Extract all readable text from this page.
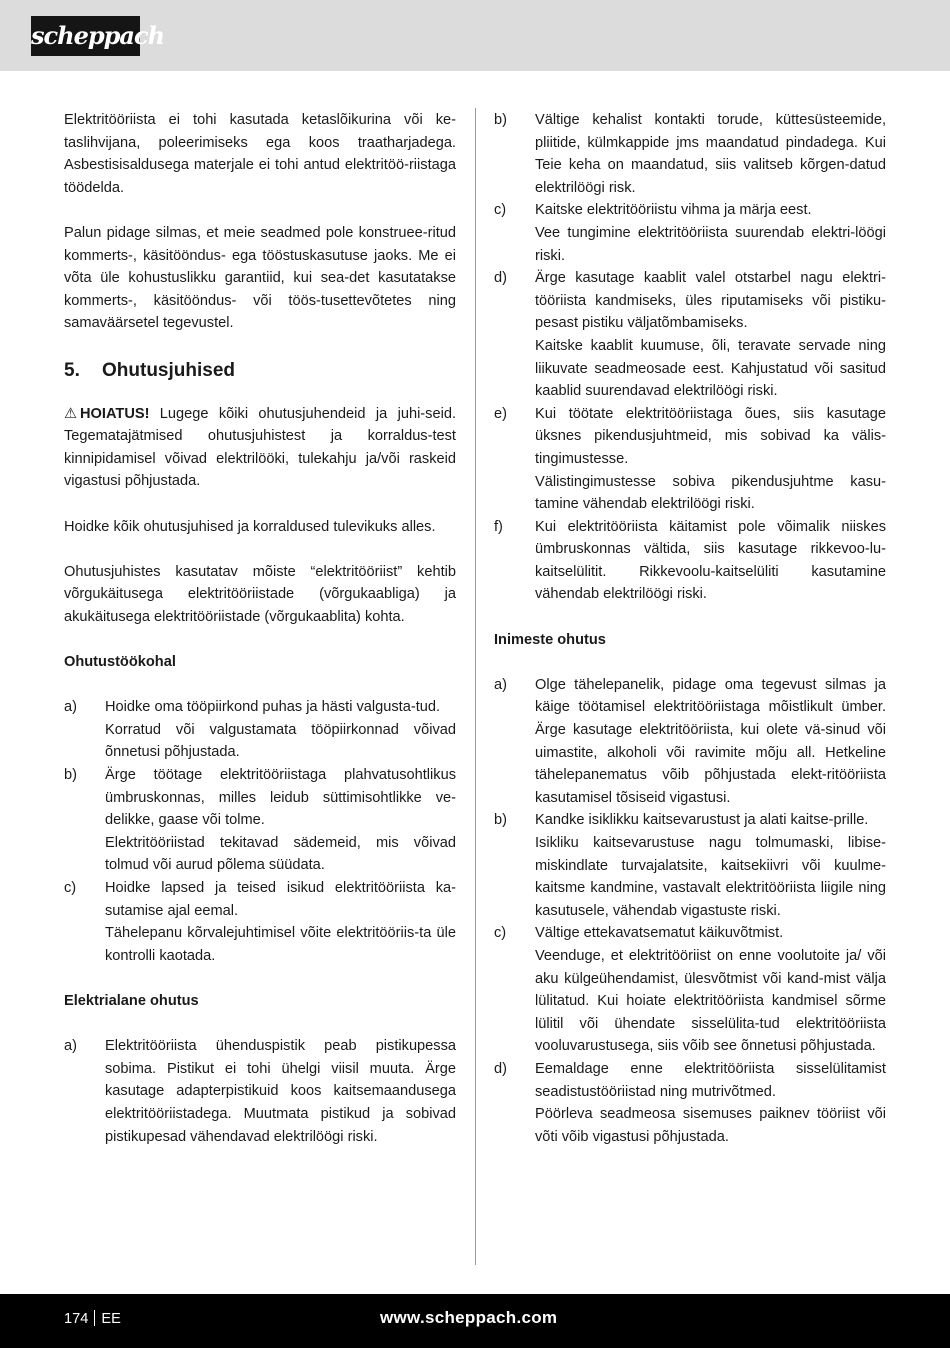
scheppach

Elektritööriista ei tohi kasutada ketaslõikurina või ke-taslihvijana, poleerimiseks ega koos traatharjadega. Asbestisisaldusega materjale ei tohi antud elektritöö-riistaga töödelda.

Palun pidage silmas, et meie seadmed pole konstruee-ritud kommerts-, käsitööndus- ega tööstuskasutuse jaoks. Me ei võta üle kohustuslikku garantiid, kui sea-det kasutatakse kommerts-, käsitööndus- või töös-tusettevõtetes ning samaväärsetel tegevustel.

5. Ohutusjuhised

⚠ HOIATUS! Lugege kõiki ohutusjuhendeid ja juhi-seid. Tegematajätmised ohutusjuhistest ja korraldus-test kinnipidamisel võivad elektrilööki, tulekahju ja/või raskeid vigastusi põhjustada.

Hoidke kõik ohutusjuhised ja korraldused tulevikuks alles.

Ohutusjuhistes kasutatav mõiste “elektritööriist” kehtib võrgukäitusega elektritööriistade (võrgukaabliga) ja akukäitusega elektritööriistade (võrgukaablita) kohta.

Ohutustöökohal
a)	Hoidke oma tööpiirkond puhas ja hästi valgusta-tud.

Korratud või valgustamata tööpiirkonnad võivad õnnetusi põhjustada.

b)	Ärge töötage elektritööriistaga plahvatusohtlikus ümbruskonnas, milles leidub süttimisohtlikke ve-delikke, gaase või tolme.

Elektritööriistad tekitavad sädemeid, mis võivad tolmud või aurud põlema süüdata.

c)	Hoidke lapsed ja teised isikud elektritööriista ka-sutamise ajal eemal.

Tähelepanu kõrvalejuhtimisel võite elektritööriis-ta üle kontrolli kaotada.

Elektrialane ohutus
a)	Elektritööriista ühenduspistik peab pistikupessa sobima. Pistikut ei tohi ühelgi viisil muuta. Ärge kasutage adapterpistikuid koos kaitsemaandusega elektritööriistadega. Muutmata pistikud ja sobivad pistikupesad vähendavad elektrilöögi riski.

b)	Vältige kehalist kontakti torude, küttesüsteemide, pliitide, külmkappide jms maandatud pindadega. Kui Teie keha on maandatud, siis valitseb kõrgen-datud elektrilöögi risk.

c)	Kaitske elektritööriistu vihma ja märja eest.

Vee tungimine elektritööriista suurendab elektri-löögi riski.

d)	Ärge kasutage kaablit valel otstarbel nagu elektri-tööriista kandmiseks, üles riputamiseks või pistiku-pesast pistiku väljatõmbamiseks.

Kaitske kaablit kuumuse, õli, teravate servade ning liikuvate seadmeosade eest. Kahjustatud või sasitud kaablid suurendavad elektrilöögi riski.

e)	Kui töötate elektritööriistaga õues, siis kasutage üksnes pikendusjuhtmeid, mis sobivad ka välis-tingimustesse.

Välistingimustesse sobiva pikendusjuhtme kasu-tamine vähendab elektrilöögi riski.

f)	Kui elektritööriista käitamist pole võimalik niiskes ümbruskonnas vältida, siis kasutage rikkevoo-lu-kaitselülitit. Rikkevoolu-kaitselüliti kasutamine vähendab elektrilöögi riski.

Inimeste ohutus
a)	Olge tähelepanelik, pidage oma tegevust silmas ja käige töötamisel elektritööriistaga mõistlikult ümber. Ärge kasutage elektritööriista, kui olete vä-sinud või uimastite, alkoholi või ravimite mõju all. Hetkeline tähelepanematus võib põhjustada elekt-ritööriista kasutamisel tõsiseid vigastusi.

b)	Kandke isiklikku kaitsevarustust ja alati kaitse-prille.

Isikliku kaitsevarustuse nagu tolmumaski, libise-miskindlate turvajalatsite, kaitsekiivri või kuulme-kaitsme kandmine, vastavalt elektritööriista liigile ning kasutusele, vähendab vigastuste riski.

c)	Vältige ettekavatsematut käikuvõtmist.

Veenduge, et elektritööriist on enne voolutoite ja/ või aku külgeühendamist, ülesvõtmist või kand-mist välja lülitatud. Kui hoiate elektritööriista kandmisel sõrme lülitil või ühendate sisselülita-tud elektritööriista vooluvarustusega, siis võib see õnnetusi põhjustada.

d)	Eemaldage enne elektritööriista sisselülitamist seadistustööriistad ning mutrivõtmed.

Pöörleva seadmeosa sisemuses paiknev tööriist või võti võib vigastusi põhjustada.

174 EE	www.scheppach.com
